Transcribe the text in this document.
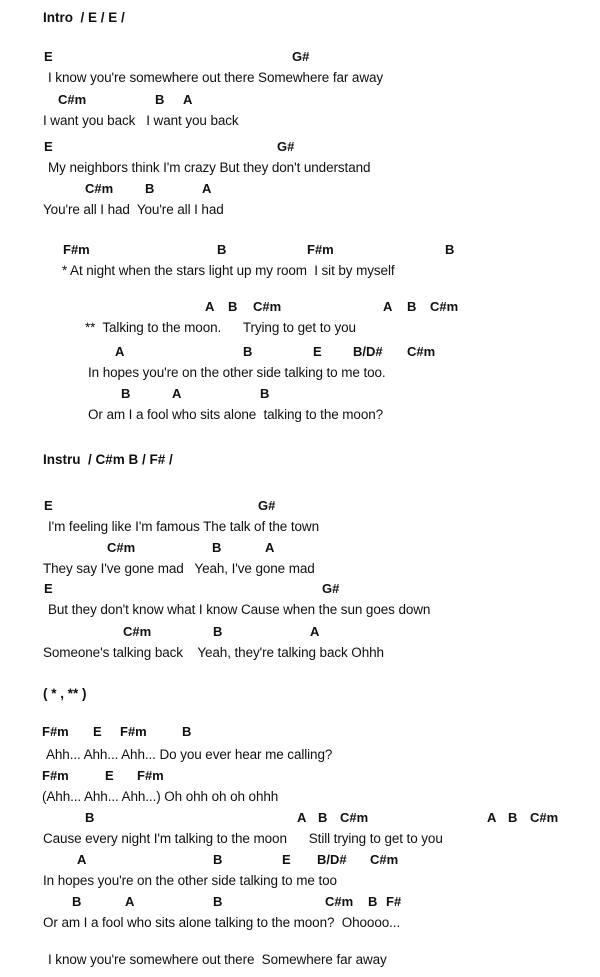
Intro  / E / E /
E	G#
I know you're somewhere out there Somewhere far away
C#m	B A
I want you back   I want you back
E	G#
My neighbors think I'm crazy But they don't understand
C#m B	A
You're all I had  You're all I had
F#m	B	F#m	B
* At night when the stars light up my room  I sit by myself
A B C#m	A B C#m
**  Talking to the moon.      Trying to get to you
A	B	E B/D# C#m
In hopes you're on the other side talking to me too.
B	A	B
Or am I a fool who sits alone  talking to the moon?
Instru  / C#m B / F# /
E	G#
I'm feeling like I'm famous The talk of the town
C#m	B	A
They say I've gone mad   Yeah, I've gone mad
E	G#
But they don't know what I know Cause when the sun goes down
C#m	B	A
Someone's talking back    Yeah, they're talking back Ohhh
( * , ** )
F#m E F#m	B
Ahh... Ahh... Ahh... Do you ever hear me calling?
F#m	E F#m
(Ahh... Ahh... Ahh...) Oh ohh oh oh ohhh
B	A B C#m	A B C#m
Cause every night I'm talking to the moon      Still trying to get to you
A	B	E B/D# C#m
In hopes you're on the other side talking to me too
B	A	B	C#m B F#
Or am I a fool who sits alone talking to the moon?  Ohoooo...
I know you're somewhere out there  Somewhere far away
